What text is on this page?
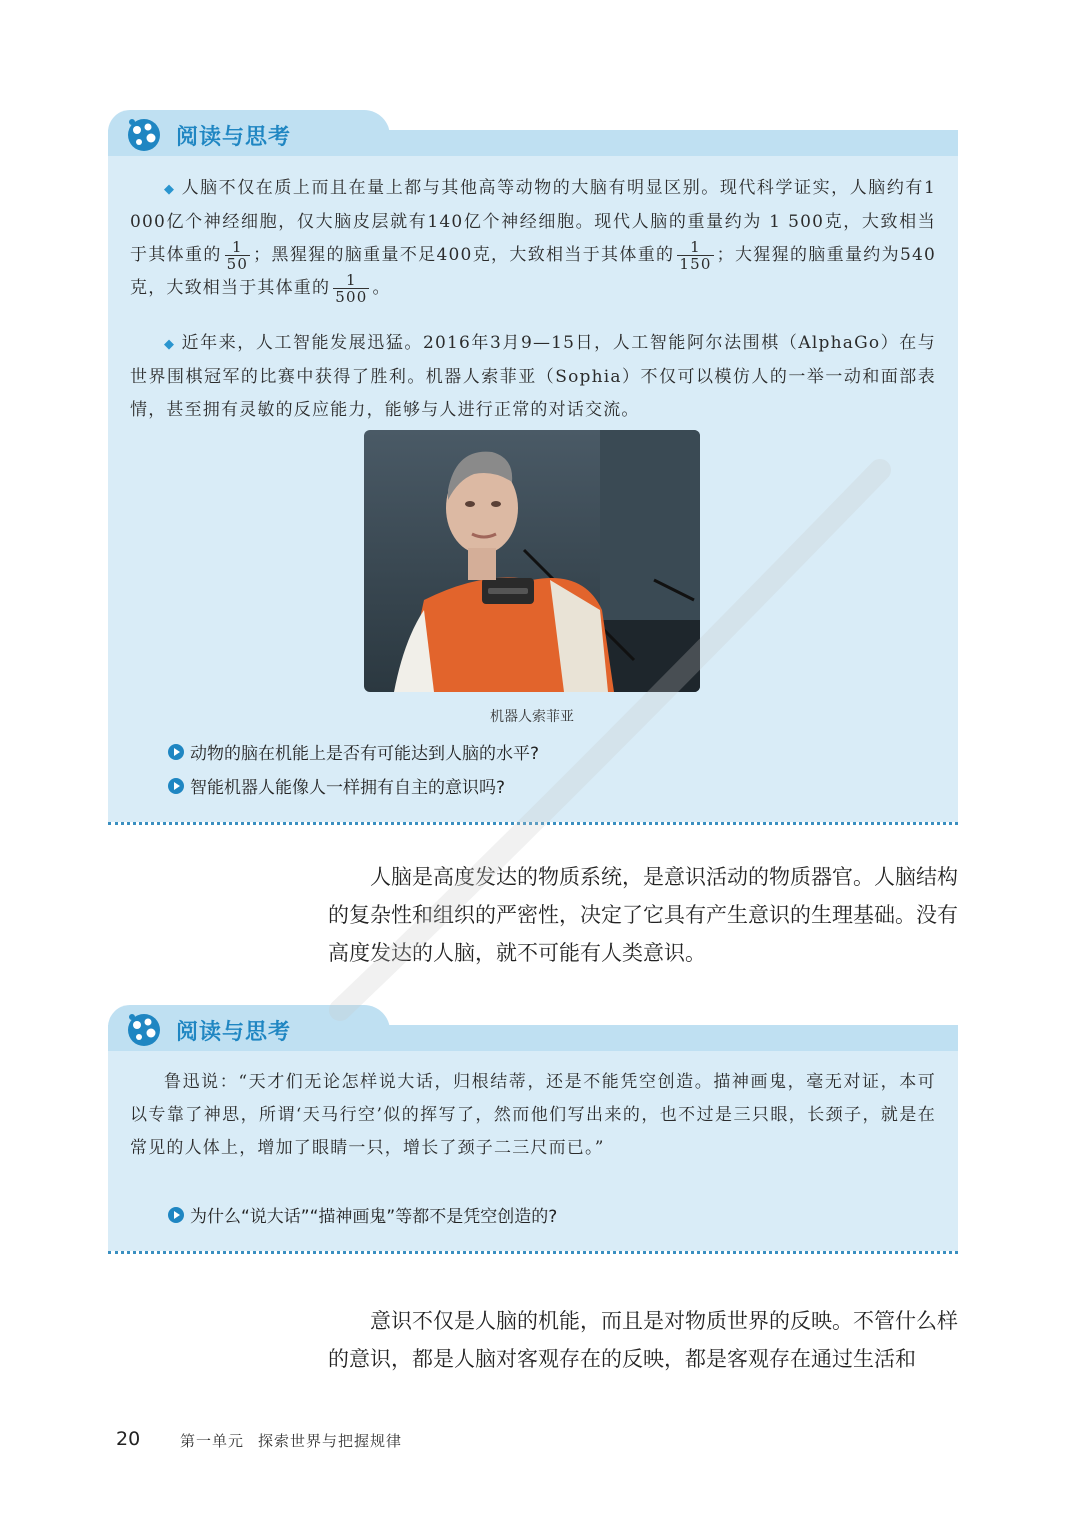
阅读与思考

◆ 人脑不仅在质上而且在量上都与其他高等动物的大脑有明显区别。现代科学证实，人脑约有1 000亿个神经细胞，仅大脑皮层就有140亿个神经细胞。现代人脑的重量约为 1 500克，大致相当于其体重的 $\frac{1}{50}$ ；黑猩猩的脑重量不足400克，大致相当于其体重的 $\frac{1}{150}$ ；大猩猩的脑重量约为540克，大致相当于其体重的 $\frac{1}{500}$ 。

◆ 近年来，人工智能发展迅猛。2016年3月9—15日，人工智能阿尔法围棋（AlphaGo）在与世界围棋冠军的比赛中获得了胜利。机器人索菲亚（Sophia）不仅可以模仿人的一举一动和面部表情，甚至拥有灵敏的反应能力，能够与人进行正常的对话交流。

机器人索菲亚
动物的脑在机能上是否有可能达到人脑的水平?
智能机器人能像人一样拥有自主的意识吗?

人脑是高度发达的物质系统，是意识活动的物质器官。人脑结构的复杂性和组织的严密性，决定了它具有产生意识的生理基础。没有高度发达的人脑，就不可能有人类意识。

阅读与思考

鲁迅说：“天才们无论怎样说大话，归根结蒂，还是不能凭空创造。描神画鬼，毫无对证，本可以专靠了神思，所谓‘天马行空’似的挥写了，然而他们写出来的，也不过是三只眼，长颈子，就是在常见的人体上，增加了眼睛一只，增长了颈子二三尺而已。”

为什么“说大话”“描神画鬼”等都不是凭空创造的?

意识不仅是人脑的机能，而且是对物质世界的反映。不管什么样的意识，都是人脑对客观存在的反映，都是客观存在通过生活和

20	第一单元 探索世界与把握规律
